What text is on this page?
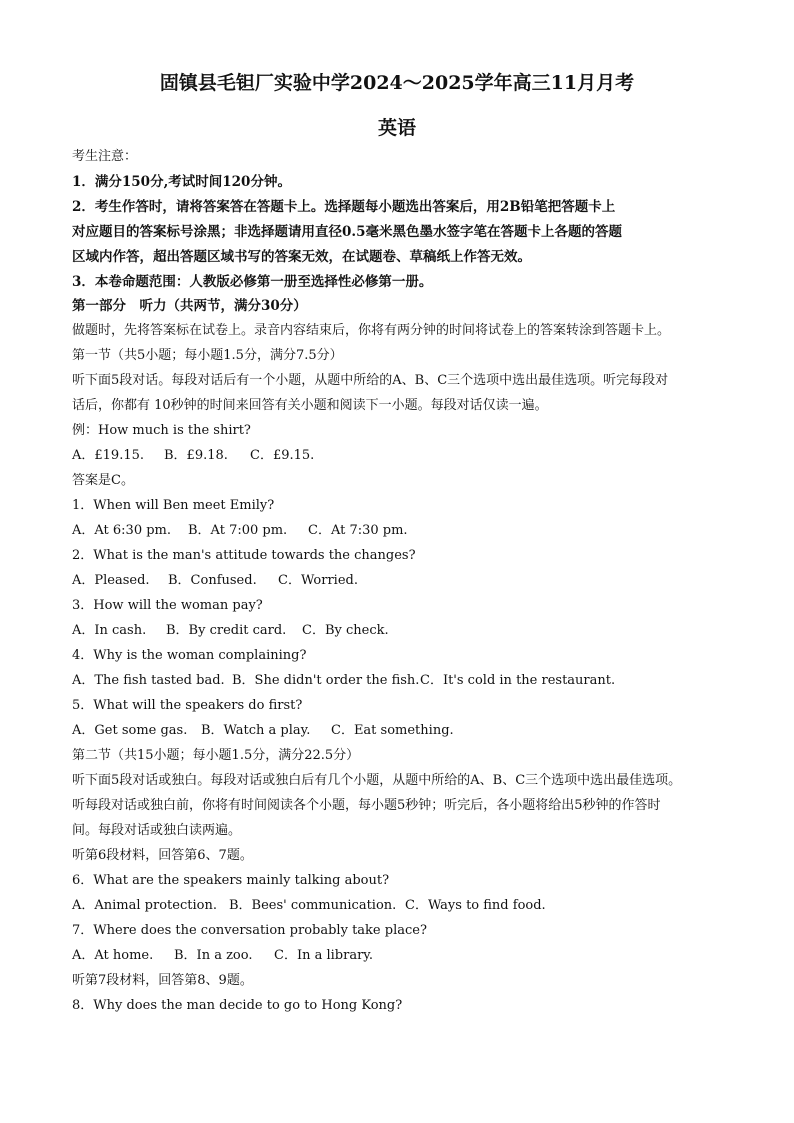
固镇县毛钽厂实验中学2024～2025学年高三11月月考
英语
考生注意：
1．满分150分,考试时间120分钟。
2．考生作答时，请将答案答在答题卡上。选择题每小题选出答案后，用2B铅笔把答题卡上
对应题目的答案标号涂黑；非选择题请用直径0.5毫米黑色墨水签字笔在答题卡上各题的答题
区域内作答，超出答题区域书写的答案无效，在试题卷、草稿纸上作答无效。
3．本卷命题范围：人教版必修第一册至选择性必修第一册。
第一部分　听力（共两节，满分30分）
做题时，先将答案标在试卷上。录音内容结束后，你将有两分钟的时间将试卷上的答案转涂到答题卡上。
第一节（共5小题；每小题1.5分，满分7.5分）
听下面5段对话。每段对话后有一个小题，从题中所给的A、B、C三个选项中选出最佳选项。听完每段对
话后，你都有 10秒钟的时间来回答有关小题和阅读下一小题。每段对话仅读一遍。
例：How much is the shirt?
A．£19.15. B．£9.18. C．£9.15.
答案是C。
1．When will Ben meet Emily?
A．At 6:30 pm. B．At 7:00 pm. C．At 7:30 pm.
2．What is the man's attitude towards the changes?
A．Pleased. B．Confused. C．Worried.
3．How will the woman pay?
A．In cash. B．By credit card. C．By check.
4．Why is the woman complaining?
A．The fish tasted bad. B．She didn't order the fish.C．It's cold in the restaurant.
5．What will the speakers do first?
A．Get some gas. B．Watch a play. C．Eat something.
第二节（共15小题；每小题1.5分，满分22.5分）
听下面5段对话或独白。每段对话或独白后有几个小题，从题中所给的A、B、C三个选项中选出最佳选项。
听每段对话或独白前，你将有时间阅读各个小题，每小题5秒钟；听完后，各小题将给出5秒钟的作答时
间。每段对话或独白读两遍。
听第6段材料，回答第6、7题。
6．What are the speakers mainly talking about?
A．Animal protection. B．Bees' communication. C．Ways to find food.
7．Where does the conversation probably take place?
A．At home. B．In a zoo. C．In a library.
听第7段材料，回答第8、9题。
8．Why does the man decide to go to Hong Kong?
